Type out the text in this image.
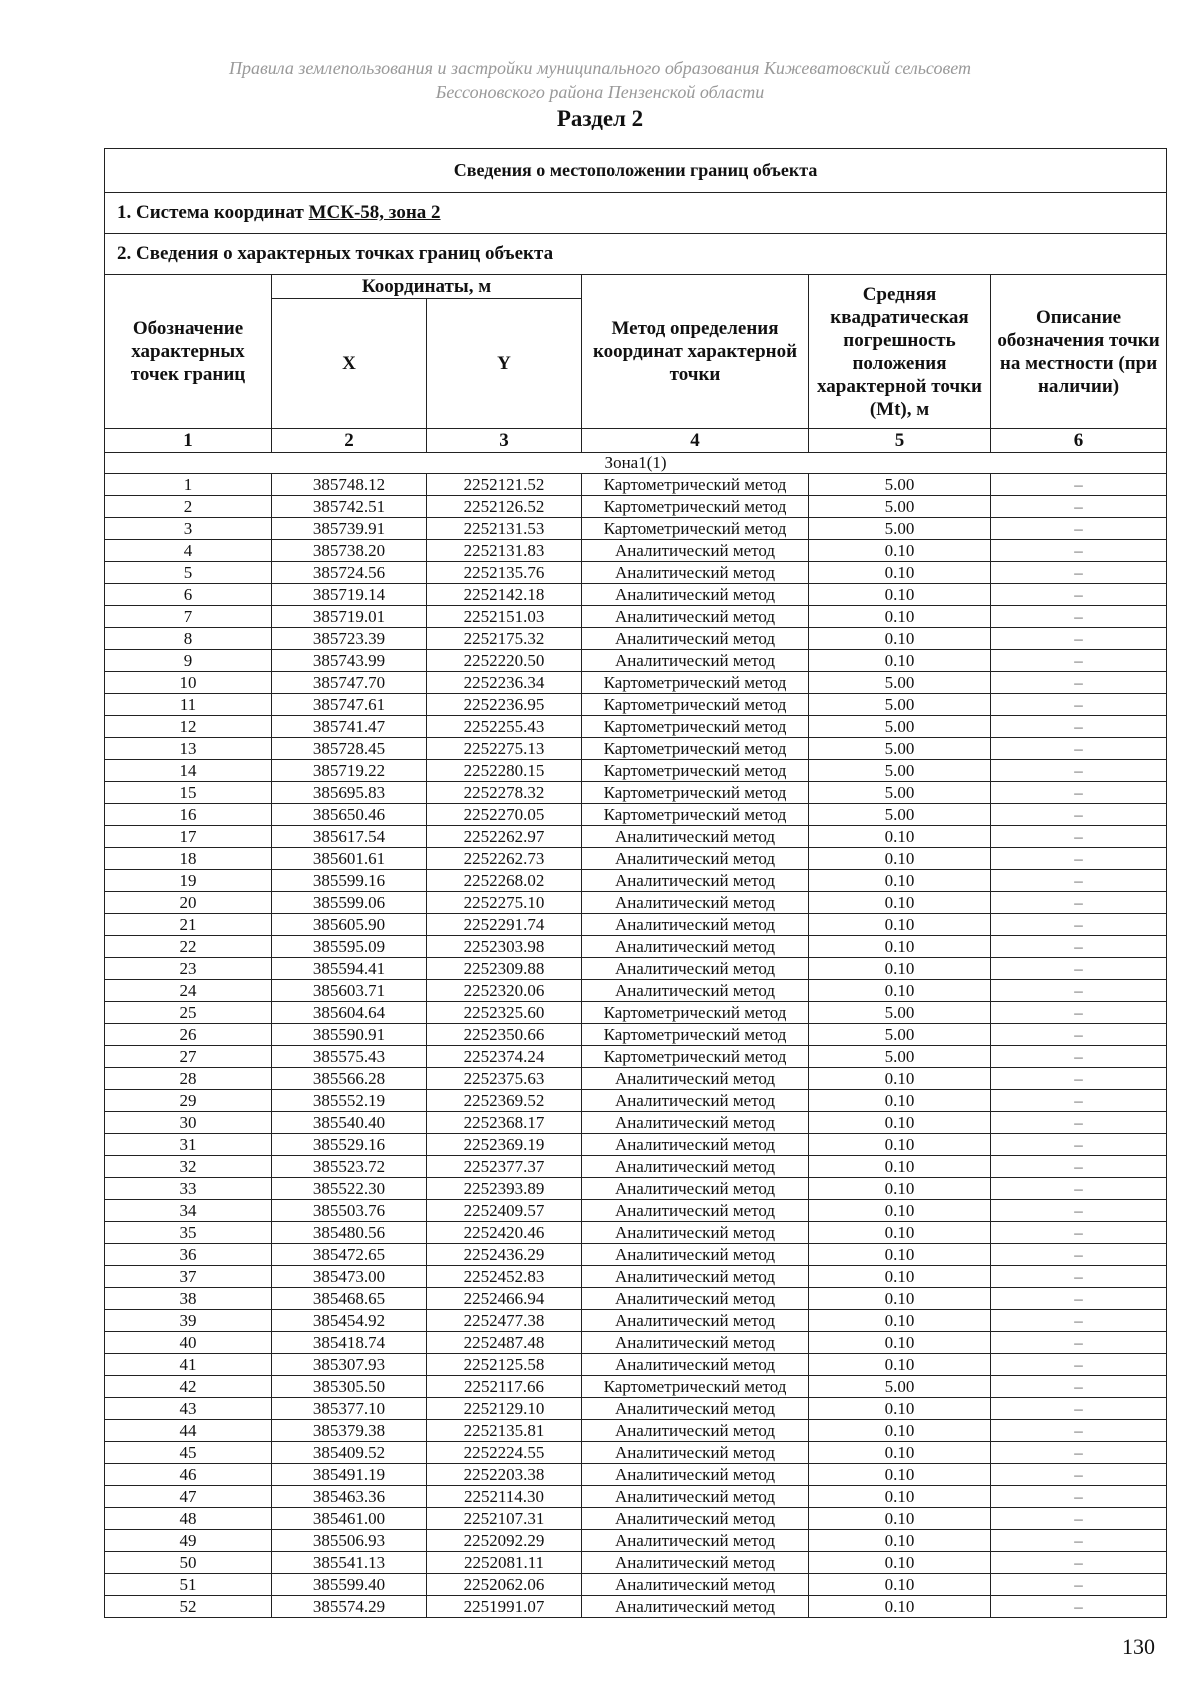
Правила землепользования и застройки муниципального образования Кижеватовский сельсовет
Бессоновского района Пензенской области
Раздел 2
Сведения о местоположении границ объекта					
1. Система координат МСК-58, зона 2					
2. Сведения о характерных точках границ объекта					
Обозначение характерных точек границ	Координаты, м		Метод определения координат характерной точки	Средняя квадратическая погрешность положения характерной точки (Mt), м	Описание обозначения точки на местности (при наличии)
	X	Y			
1	2	3	4	5	6
Зона1(1)					
1	385748.12	2252121.52	Картометрический метод	5.00	–
2	385742.51	2252126.52	Картометрический метод	5.00	–
3	385739.91	2252131.53	Картометрический метод	5.00	–
4	385738.20	2252131.83	Аналитический метод	0.10	–
5	385724.56	2252135.76	Аналитический метод	0.10	–
6	385719.14	2252142.18	Аналитический метод	0.10	–
7	385719.01	2252151.03	Аналитический метод	0.10	–
8	385723.39	2252175.32	Аналитический метод	0.10	–
9	385743.99	2252220.50	Аналитический метод	0.10	–
10	385747.70	2252236.34	Картометрический метод	5.00	–
11	385747.61	2252236.95	Картометрический метод	5.00	–
12	385741.47	2252255.43	Картометрический метод	5.00	–
13	385728.45	2252275.13	Картометрический метод	5.00	–
14	385719.22	2252280.15	Картометрический метод	5.00	–
15	385695.83	2252278.32	Картометрический метод	5.00	–
16	385650.46	2252270.05	Картометрический метод	5.00	–
17	385617.54	2252262.97	Аналитический метод	0.10	–
18	385601.61	2252262.73	Аналитический метод	0.10	–
19	385599.16	2252268.02	Аналитический метод	0.10	–
20	385599.06	2252275.10	Аналитический метод	0.10	–
21	385605.90	2252291.74	Аналитический метод	0.10	–
22	385595.09	2252303.98	Аналитический метод	0.10	–
23	385594.41	2252309.88	Аналитический метод	0.10	–
24	385603.71	2252320.06	Аналитический метод	0.10	–
25	385604.64	2252325.60	Картометрический метод	5.00	–
26	385590.91	2252350.66	Картометрический метод	5.00	–
27	385575.43	2252374.24	Картометрический метод	5.00	–
28	385566.28	2252375.63	Аналитический метод	0.10	–
29	385552.19	2252369.52	Аналитический метод	0.10	–
30	385540.40	2252368.17	Аналитический метод	0.10	–
31	385529.16	2252369.19	Аналитический метод	0.10	–
32	385523.72	2252377.37	Аналитический метод	0.10	–
33	385522.30	2252393.89	Аналитический метод	0.10	–
34	385503.76	2252409.57	Аналитический метод	0.10	–
35	385480.56	2252420.46	Аналитический метод	0.10	–
36	385472.65	2252436.29	Аналитический метод	0.10	–
37	385473.00	2252452.83	Аналитический метод	0.10	–
38	385468.65	2252466.94	Аналитический метод	0.10	–
39	385454.92	2252477.38	Аналитический метод	0.10	–
40	385418.74	2252487.48	Аналитический метод	0.10	–
41	385307.93	2252125.58	Аналитический метод	0.10	–
42	385305.50	2252117.66	Картометрический метод	5.00	–
43	385377.10	2252129.10	Аналитический метод	0.10	–
44	385379.38	2252135.81	Аналитический метод	0.10	–
45	385409.52	2252224.55	Аналитический метод	0.10	–
46	385491.19	2252203.38	Аналитический метод	0.10	–
47	385463.36	2252114.30	Аналитический метод	0.10	–
48	385461.00	2252107.31	Аналитический метод	0.10	–
49	385506.93	2252092.29	Аналитический метод	0.10	–
50	385541.13	2252081.11	Аналитический метод	0.10	–
51	385599.40	2252062.06	Аналитический метод	0.10	–
52	385574.29	2251991.07	Аналитический метод	0.10	–
130
